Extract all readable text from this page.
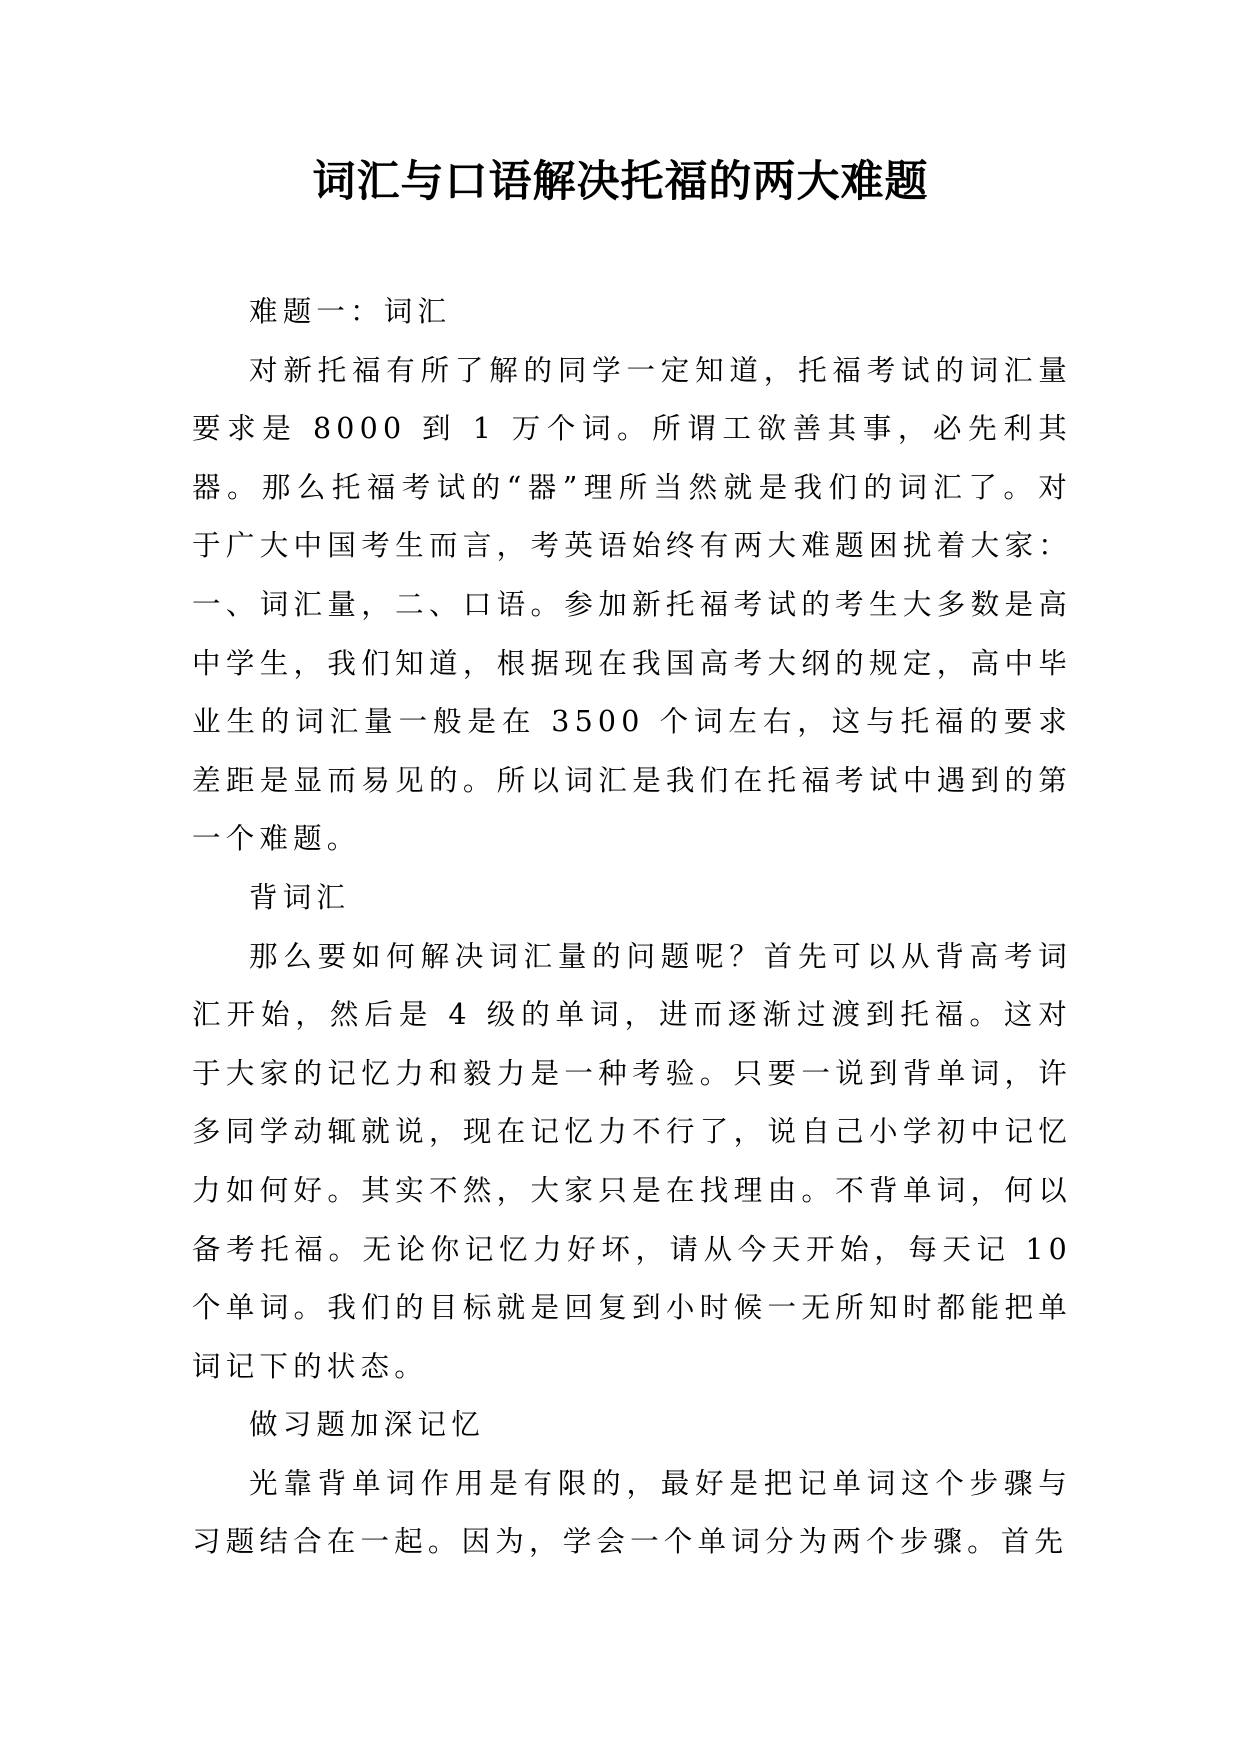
词汇与口语解决托福的两大难题

难题一：词汇

对新托福有所了解的同学一定知道，托福考试的词汇量要求是 8000 到 1 万个词。所谓工欲善其事，必先利其器。那么托福考试的“器”理所当然就是我们的词汇了。对于广大中国考生而言，考英语始终有两大难题困扰着大家：一、词汇量，二、口语。参加新托福考试的考生大多数是高中学生，我们知道，根据现在我国高考大纲的规定，高中毕业生的词汇量一般是在 3500 个词左右，这与托福的要求差距是显而易见的。所以词汇是我们在托福考试中遇到的第一个难题。

背词汇

那么要如何解决词汇量的问题呢？首先可以从背高考词汇开始，然后是 4 级的单词，进而逐渐过渡到托福。这对于大家的记忆力和毅力是一种考验。只要一说到背单词，许多同学动辄就说，现在记忆力不行了，说自己小学初中记忆力如何好。其实不然，大家只是在找理由。不背单词，何以备考托福。无论你记忆力好坏，请从今天开始，每天记 10 个单词。我们的目标就是回复到小时候一无所知时都能把单词记下的状态。

做习题加深记忆

光靠背单词作用是有限的，最好是把记单词这个步骤与习题结合在一起。因为，学会一个单词分为两个步骤。首先
